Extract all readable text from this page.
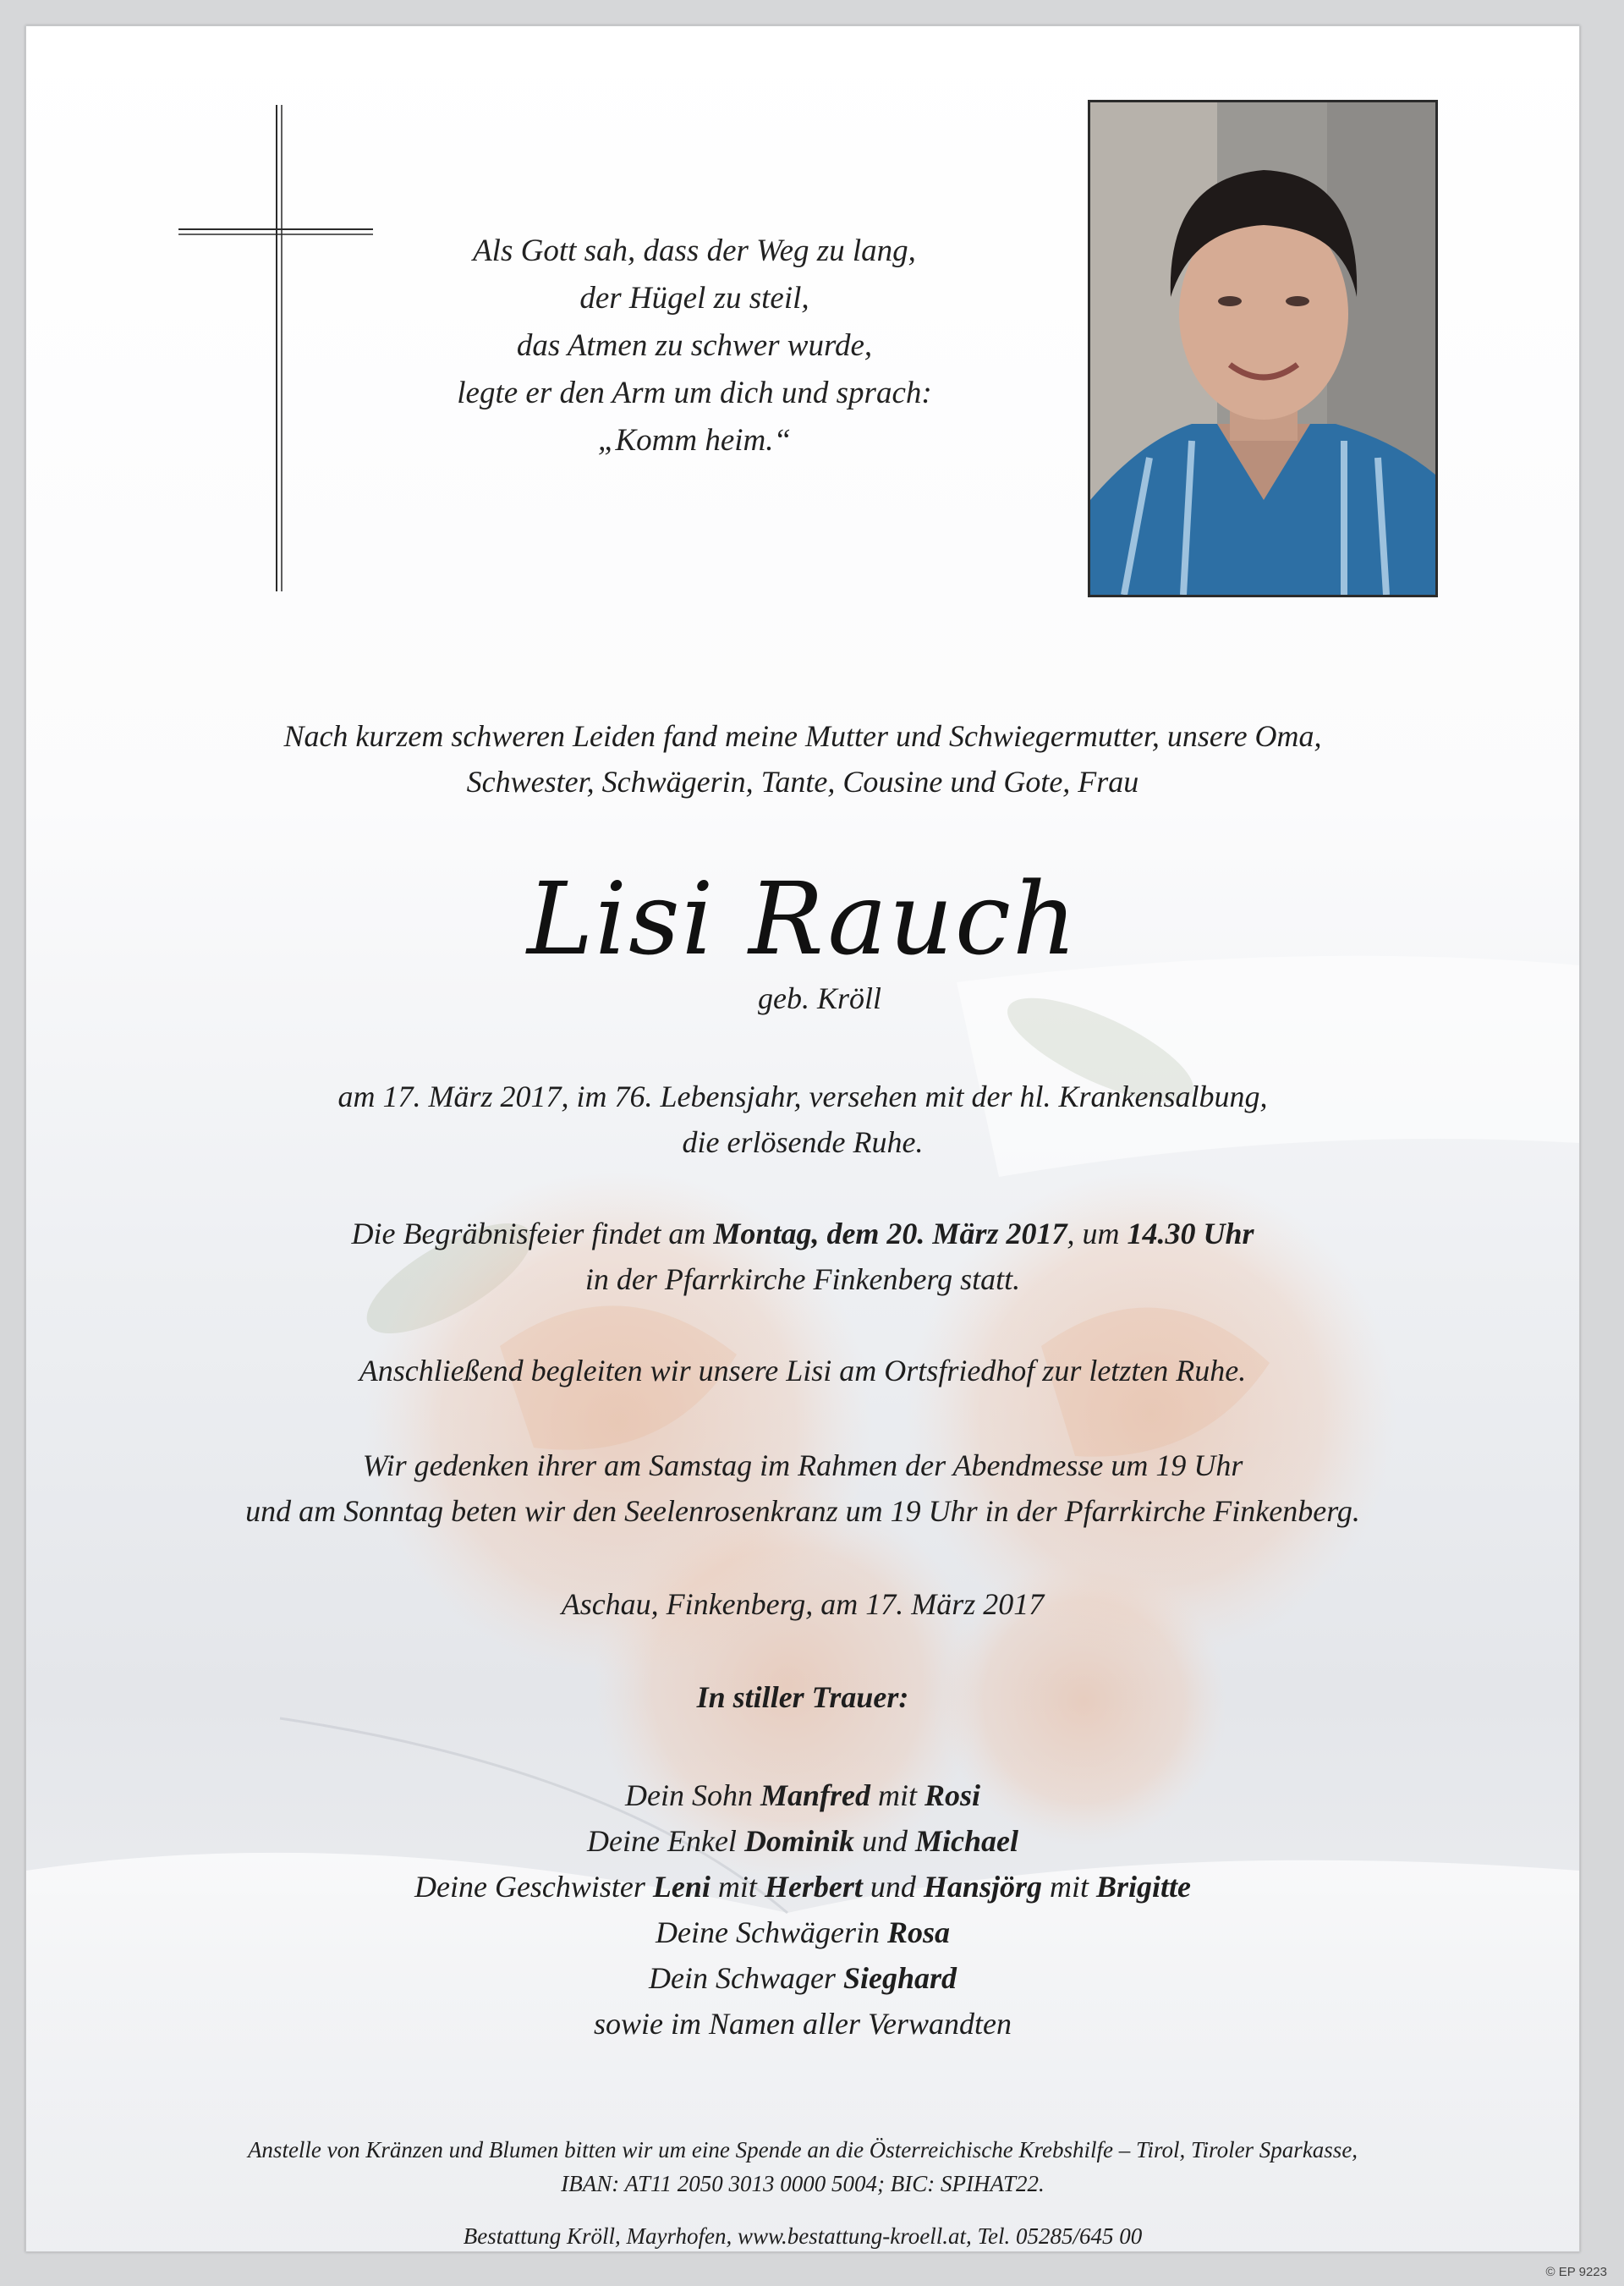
Als Gott sah, dass der Weg zu lang,
der Hügel zu steil,
das Atmen zu schwer wurde,
legte er den Arm um dich und sprach:
„Komm heim.“
Nach kurzem schweren Leiden fand meine Mutter und Schwiegermutter, unsere Oma,
Schwester, Schwägerin, Tante, Cousine und Gote, Frau
Lisi Rauch
geb. Kröll
am 17. März 2017, im 76. Lebensjahr, versehen mit der hl. Krankensalbung,
die erlösende Ruhe.
Die Begräbnisfeier findet am Montag, dem 20. März 2017, um 14.30 Uhr
in der Pfarrkirche Finkenberg statt.
Anschließend begleiten wir unsere Lisi am Ortsfriedhof zur letzten Ruhe.
Wir gedenken ihrer am Samstag im Rahmen der Abendmesse um 19 Uhr
und am Sonntag beten wir den Seelenrosenkranz um 19 Uhr in der Pfarrkirche Finkenberg.
Aschau, Finkenberg, am 17. März 2017
In stiller Trauer:
Dein Sohn Manfred mit Rosi
Deine Enkel Dominik und Michael
Deine Geschwister Leni mit Herbert und Hansjörg mit Brigitte
Deine Schwägerin Rosa
Dein Schwager Sieghard
sowie im Namen aller Verwandten
Anstelle von Kränzen und Blumen bitten wir um eine Spende an die Österreichische Krebshilfe – Tirol, Tiroler Sparkasse,
IBAN: AT11 2050 3013 0000 5004; BIC: SPIHAT22.
Bestattung Kröll, Mayrhofen, www.bestattung-kroell.at, Tel. 05285/645 00
© EP 9223
